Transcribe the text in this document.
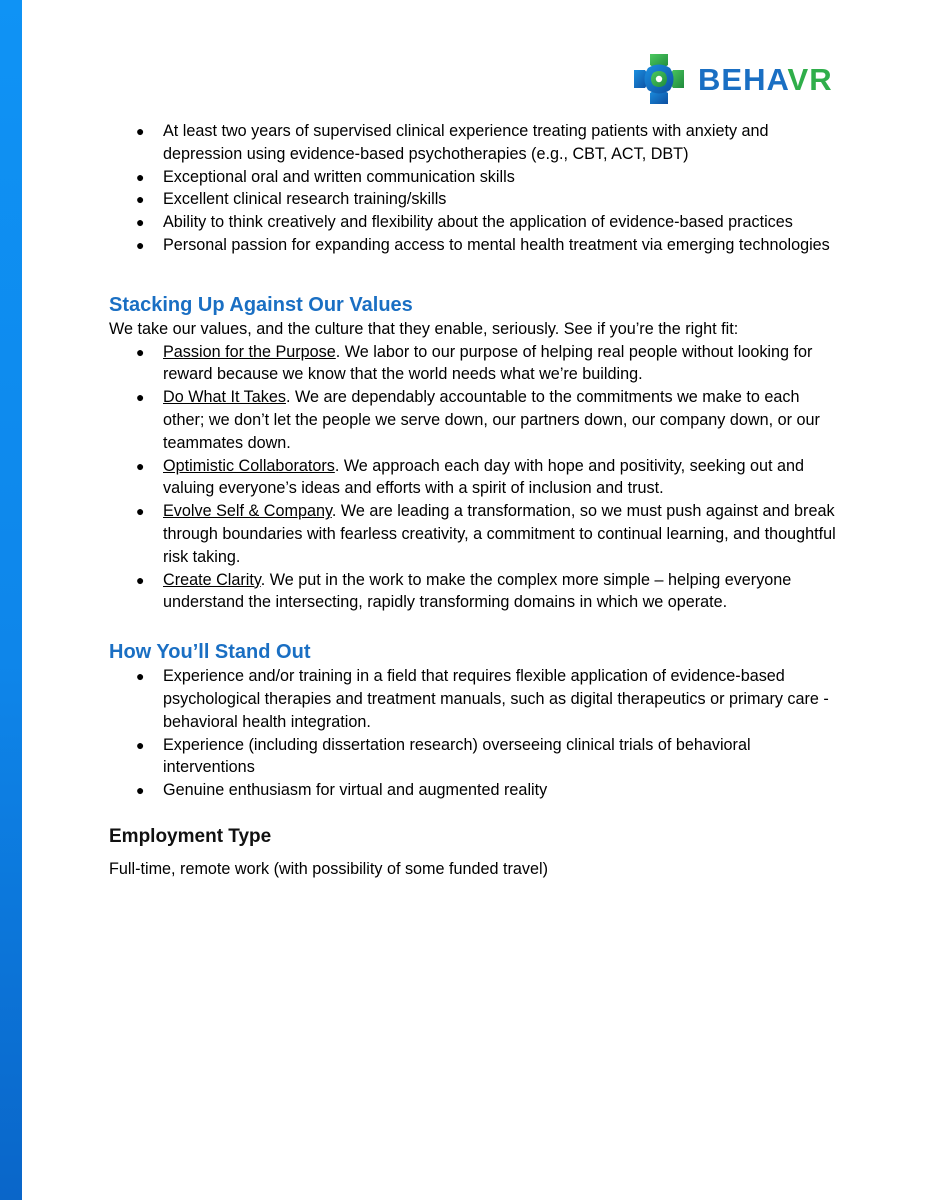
BEHAVR
● At least two years of supervised clinical experience treating patients with anxiety and depression using evidence-based psychotherapies (e.g., CBT, ACT, DBT)
● Exceptional oral and written communication skills
● Excellent clinical research training/skills
● Ability to think creatively and flexibility about the application of evidence-based practices
● Personal passion for expanding access to mental health treatment via emerging technologies
Stacking Up Against Our Values

We take our values, and the culture that they enable, seriously. See if you’re the right fit:

● Passion for the Purpose. We labor to our purpose of helping real people without looking for reward because we know that the world needs what we’re building.
● Do What It Takes. We are dependably accountable to the commitments we make to each other; we don’t let the people we serve down, our partners down, our company down, or our teammates down.
● Optimistic Collaborators. We approach each day with hope and positivity, seeking out and valuing everyone’s ideas and efforts with a spirit of inclusion and trust.
● Evolve Self & Company. We are leading a transformation, so we must push against and break through boundaries with fearless creativity, a commitment to continual learning, and thoughtful risk taking.
● Create Clarity. We put in the work to make the complex more simple – helping everyone understand the intersecting, rapidly transforming domains in which we operate.
How You’ll Stand Out
● Experience and/or training in a field that requires flexible application of evidence-based psychological therapies and treatment manuals, such as digital therapeutics or primary care - behavioral health integration.
● Experience (including dissertation research) overseeing clinical trials of behavioral interventions
● Genuine enthusiasm for virtual and augmented reality
Employment Type

Full-time, remote work (with possibility of some funded travel)
